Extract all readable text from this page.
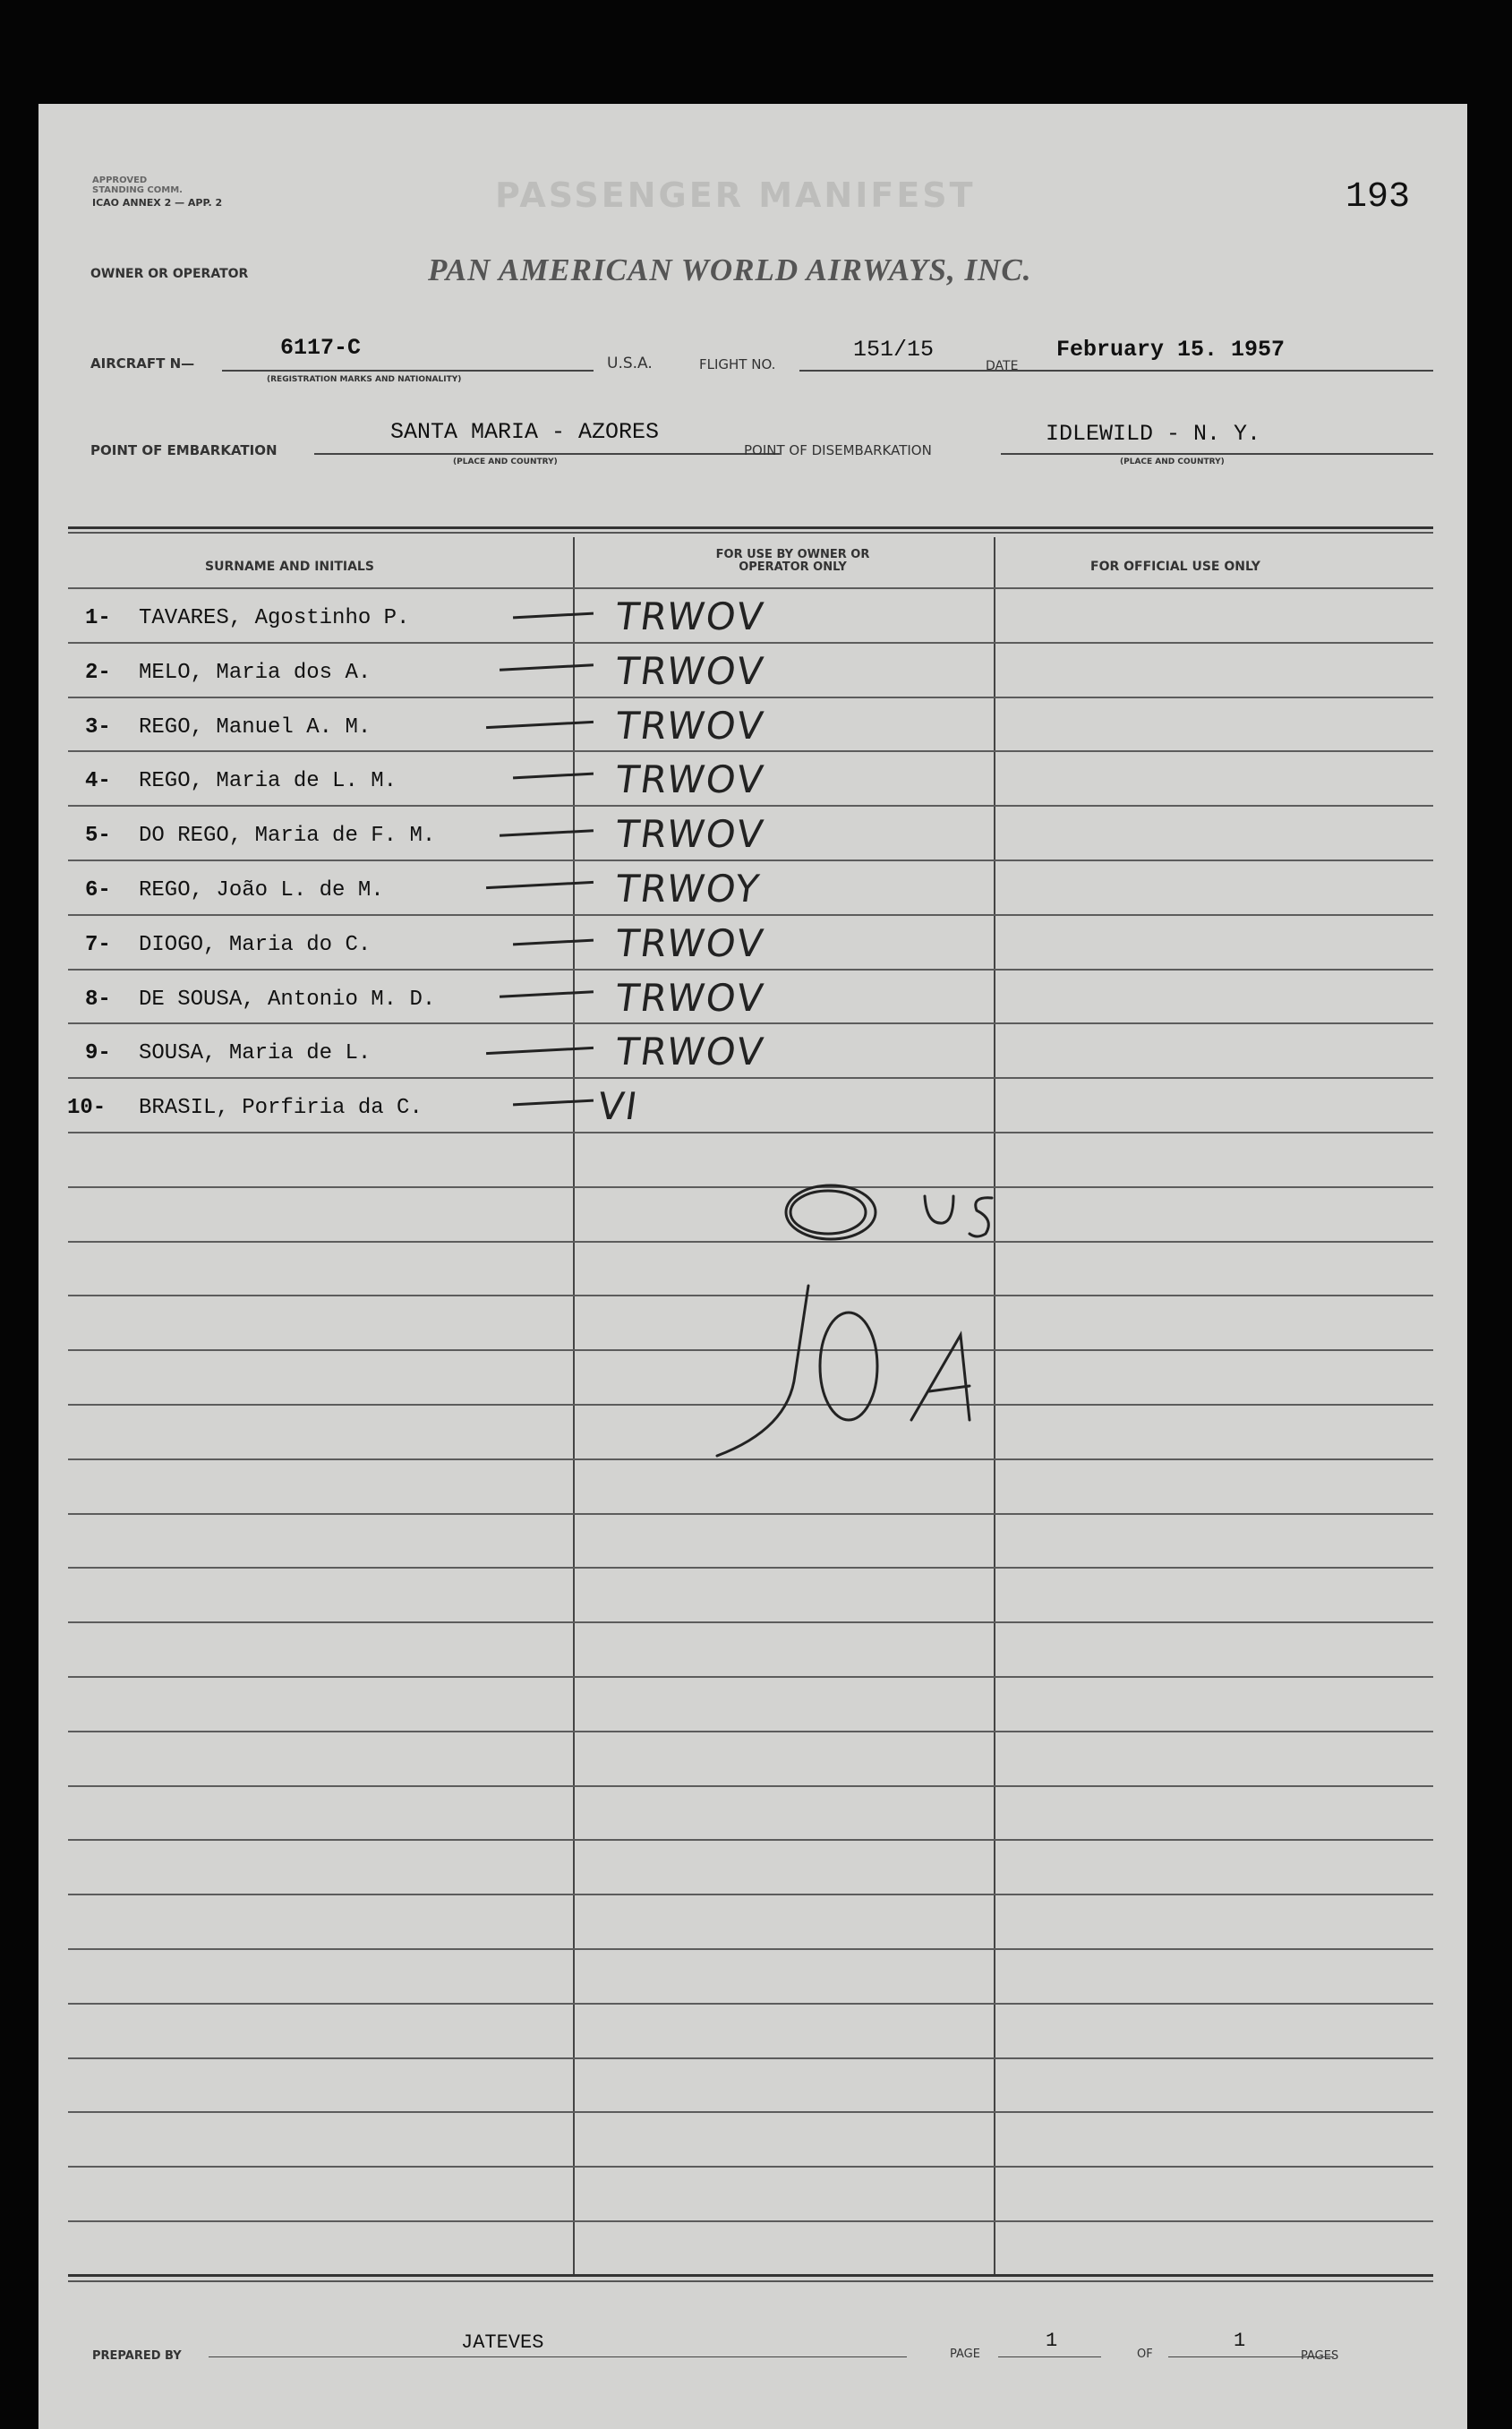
APPROVED
STANDING COMM.
ICAO ANNEX 2 — APP. 2	PASSENGER MANIFEST	193
OWNER OR OPERATOR	PAN AMERICAN WORLD AIRWAYS, INC.
AIRCRAFT N—
6117-C
(REGISTRATION MARKS AND NATIONALITY)
U.S.A.	FLIGHT NO.
151/15
DATE
February 15. 1957
POINT OF EMBARKATION
SANTA MARIA - AZORES
(PLACE AND COUNTRY)
POINT OF DISEMBARKATION
IDLEWILD - N. Y.
(PLACE AND COUNTRY)
SURNAME AND INITIALS
FOR USE BY OWNER OR OPERATOR ONLY	FOR OFFICIAL USE ONLY
1- TAVARES, Agostinho P.	TRWOV
2- MELO, Maria dos A.	TRWOV
3- REGO, Manuel A. M.	TRWOV
4- REGO, Maria de L. M.	TRWOV
5- DO REGO, Maria de F. M.	TRWOV
6- REGO, João L. de M.	TRWOY
7- DIOGO, Maria do C.	TRWOV
8- DE SOUSA, Antonio M. D.	TRWOV
9- SOUSA, Maria de L.	TRWOV
10- BRASIL, Porfiria da C.	VI
PREPARED BY
JATEVES
PAGE
1
OF
1
PAGES
